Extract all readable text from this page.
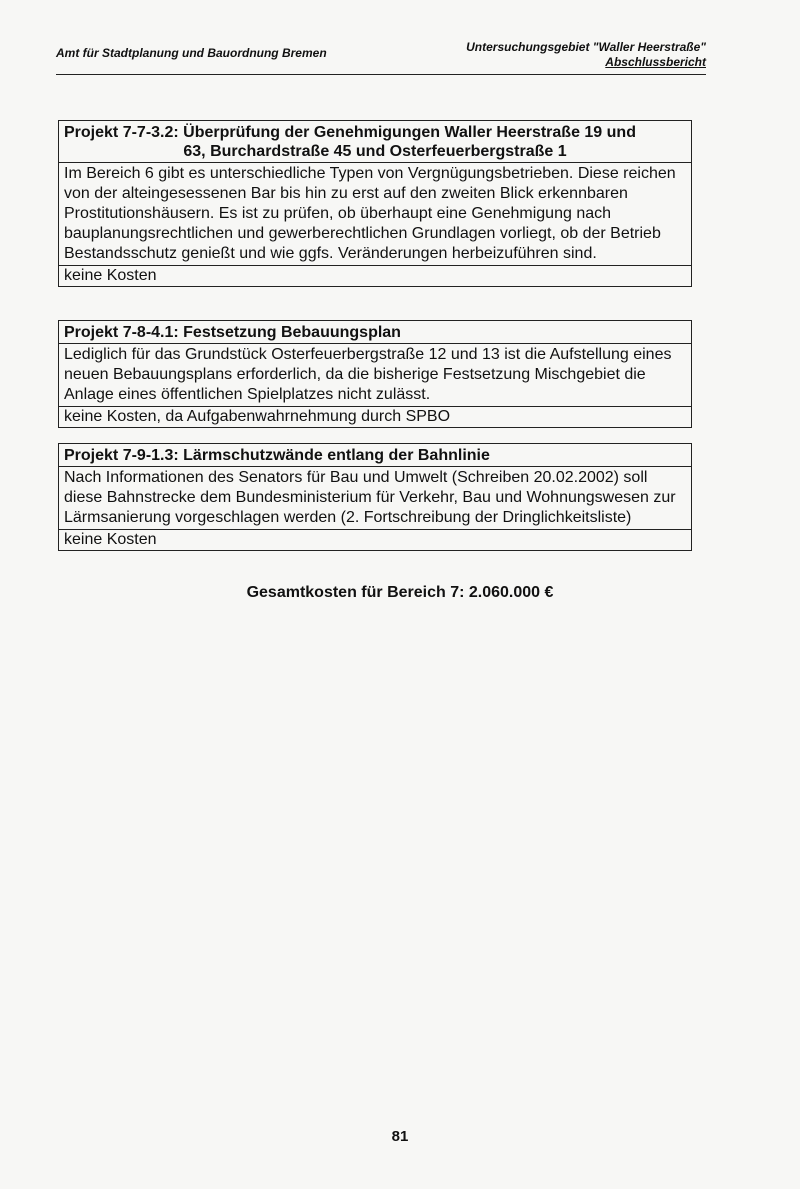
Amt für Stadtplanung und Bauordnung Bremen	Untersuchungsgebiet "Waller Heerstraße"
Abschlussbericht
Projekt 7-7-3.2: Überprüfung der Genehmigungen Waller Heerstraße 19 und
63, Burchardstraße 45 und Osterfeuerbergstraße 1
Im Bereich 6 gibt es unterschiedliche Typen von Vergnügungsbetrieben. Diese reichen von der alteingesessenen Bar bis hin zu erst auf den zweiten Blick erkennbaren Prostitutionshäusern. Es ist zu prüfen, ob überhaupt eine Genehmigung nach bauplanungsrechtlichen und gewerberechtlichen Grundlagen vorliegt, ob der Betrieb Bestandsschutz genießt und wie ggfs. Veränderungen herbeizuführen sind.
keine Kosten
Projekt 7-8-4.1: Festsetzung Bebauungsplan
Lediglich für das Grundstück Osterfeuerbergstraße 12 und 13 ist die Aufstellung eines neuen Bebauungsplans erforderlich, da die bisherige Festsetzung Mischgebiet die Anlage eines öffentlichen Spielplatzes nicht zulässt.
keine Kosten, da Aufgabenwahrnehmung durch SPBO
Projekt 7-9-1.3: Lärmschutzwände entlang der Bahnlinie
Nach Informationen des Senators für Bau und Umwelt (Schreiben 20.02.2002) soll diese Bahnstrecke dem Bundesministerium für Verkehr, Bau und Wohnungswesen zur Lärmsanierung vorgeschlagen werden (2. Fortschreibung der Dringlichkeitsliste)
keine Kosten
Gesamtkosten für Bereich 7: 2.060.000 €
81
